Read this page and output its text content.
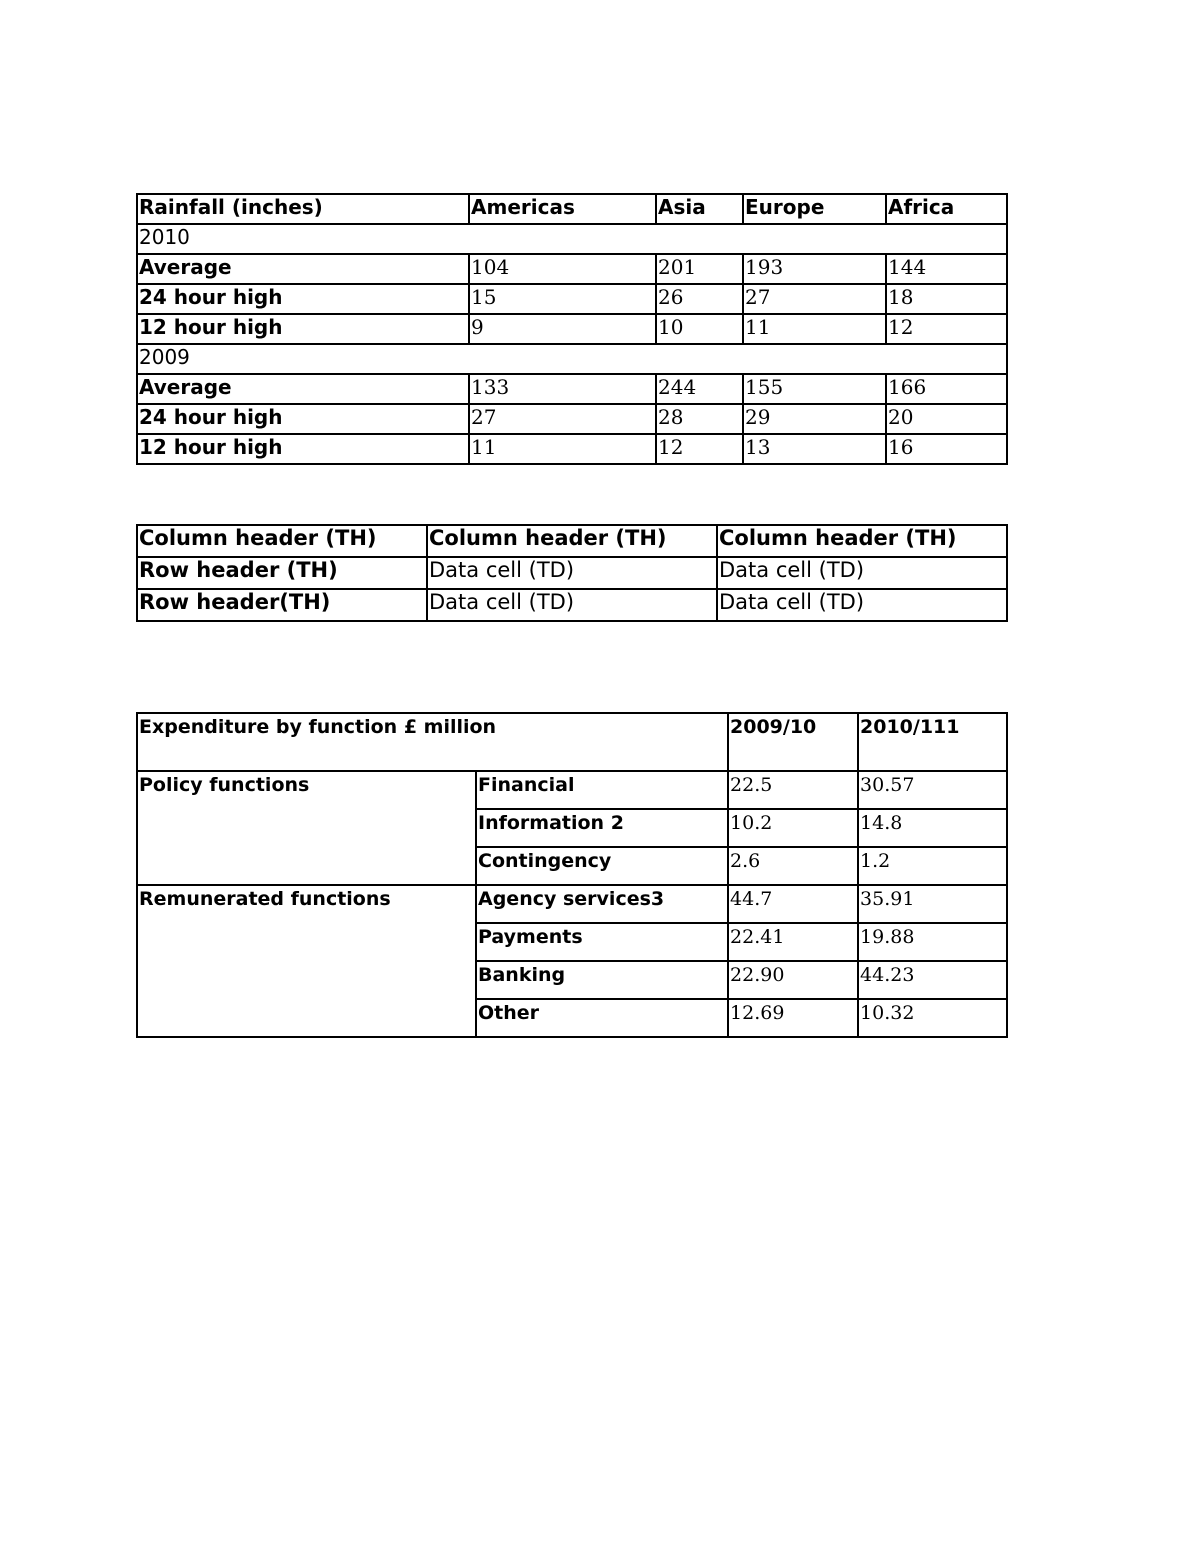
Rainfall (inches)	Americas	Asia	Europe	Africa
2010				
Average	104	201	193	144
24 hour high	15	26	27	18
12 hour high	9	10	11	12
2009				
Average	133	244	155	166
24 hour high	27	28	29	20
12 hour high	11	12	13	16
Column header (TH)	Column header (TH)	Column header (TH)
Row header (TH)	Data cell (TD)	Data cell (TD)
Row header(TH)	Data cell (TD)	Data cell (TD)
Expenditure by function £ million		2009/10	2010/111
Policy functions	Financial	22.5	30.57
	Information 2	10.2	14.8
	Contingency	2.6	1.2
Remunerated functions	Agency services3	44.7	35.91
	Payments	22.41	19.88
	Banking	22.90	44.23
	Other	12.69	10.32
